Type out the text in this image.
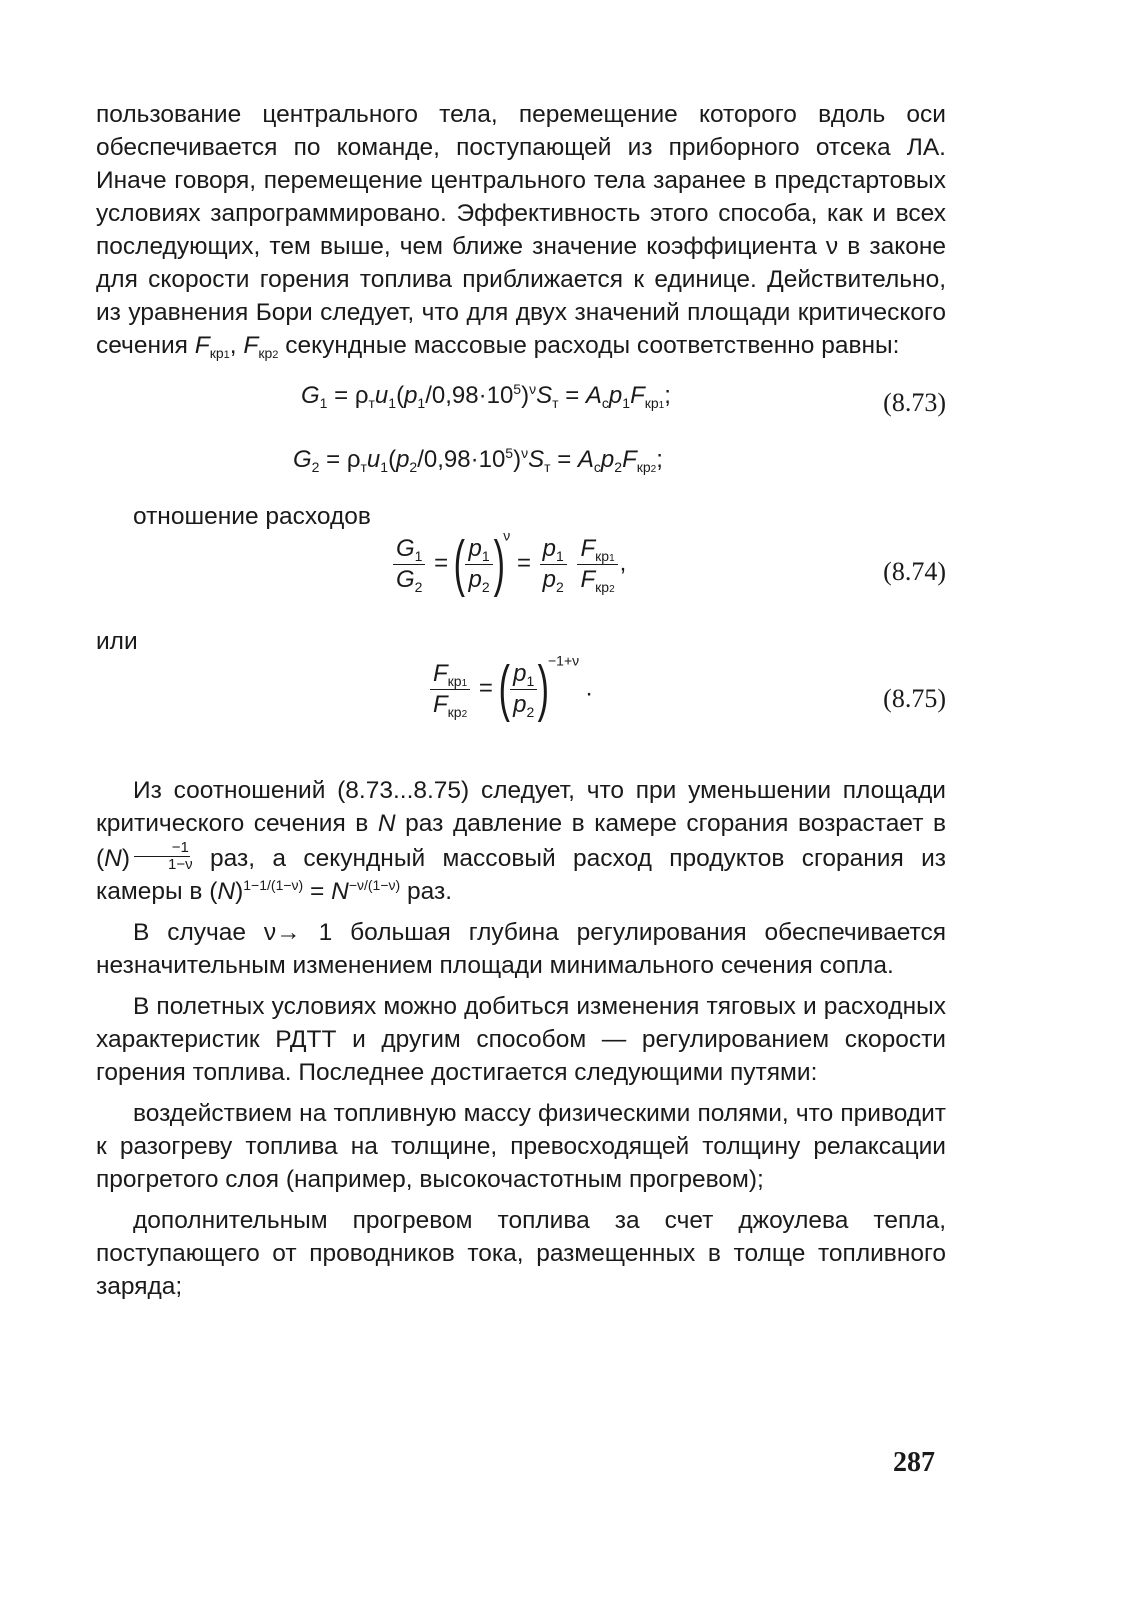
пользование центрального тела, перемещение которого вдоль оси обеспечивается по команде, поступающей из приборного отсека ЛА. Иначе говоря, перемещение центрального тела заранее в предстартовых условиях запрограммировано. Эффективность этого способа, как и всех последующих, тем выше, чем ближе значение коэффициента ν в законе для скорости горения топлива приближается к единице. Действительно, из уравнения Бори следует, что для двух значений площади критического сечения $F_{кр1}$, $F_{кр2}$ секундные массовые расходы соответственно равны:

$G_1 = \rho_тu_1(p_1/0,98\cdot 10^5)^\nu S_т = A_сp_1F_{кр1}$;	(8.73)
$G_2 = \rho_тu_1(p_2/0,98\cdot 10^5)^\nu S_т = A_сp_2F_{кр2}$;
отношение расходов
$\frac{G_1}{G_2}$ = ( $\frac{p_1}{p_2} )^\nu = \frac{p_1}{p_2}$
$\frac{F_{кр1}}{F_{кр2}}$ ,	(8.74)
или
$\frac{F_{кр1}}{F_{кр2}}$ = ( $\frac{p_1}{p_2} )^{-1+\nu}$ .	(8.75)

Из соотношений (8.73...8.75) следует, что при уменьшении площади критического сечения в N раз давление в камере сгорания возрастает в $(N) \frac{-1}{1-\nu}$ раз, а секундный массовый расход продуктов сгорания из камеры в $(N)^{1-1/(1-\nu)} = N^{-\nu/(1-\nu)}$ раз.

В случае ν→ 1 большая глубина регулирования обеспечивается незначительным изменением площади минимального сечения сопла.

В полетных условиях можно добиться изменения тяговых и расходных характеристик РДТТ и другим способом — регулированием скорости горения топлива. Последнее достигается следующими путями:

воздействием на топливную массу физическими полями, что приводит к разогреву топлива на толщине, превосходящей толщину релаксации прогретого слоя (например, высокочастотным прогревом);

дополнительным прогревом топлива за счет джоулева тепла, поступающего от проводников тока, размещенных в толще топливного заряда;

287
